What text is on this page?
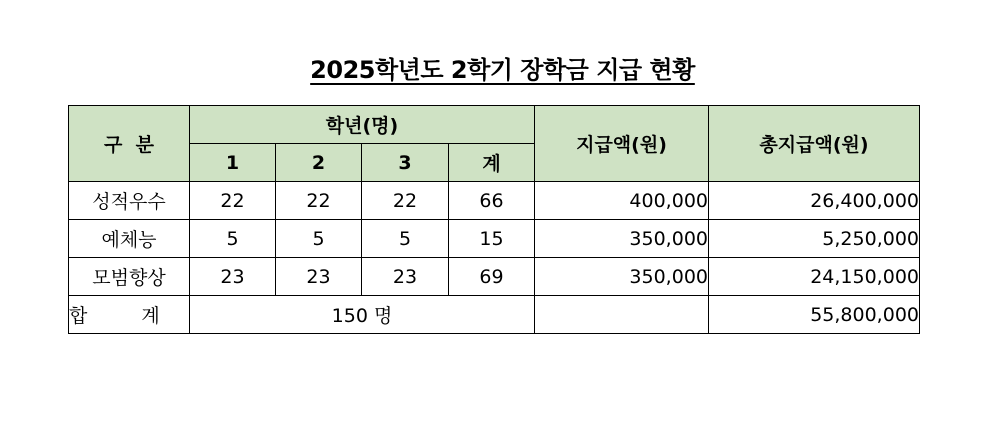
2025학년도 2학기 장학금 지급 현황
구  분	학년(명)				지급액(원)	총지급액(원)
	1	2	3	계		
성적우수	22	22	22	66	400,000	26,400,000
예체능	5	5	5	15	350,000	5,250,000
모범향상	23	23	23	69	350,000	24,150,000
합 계	150 명					55,800,000
